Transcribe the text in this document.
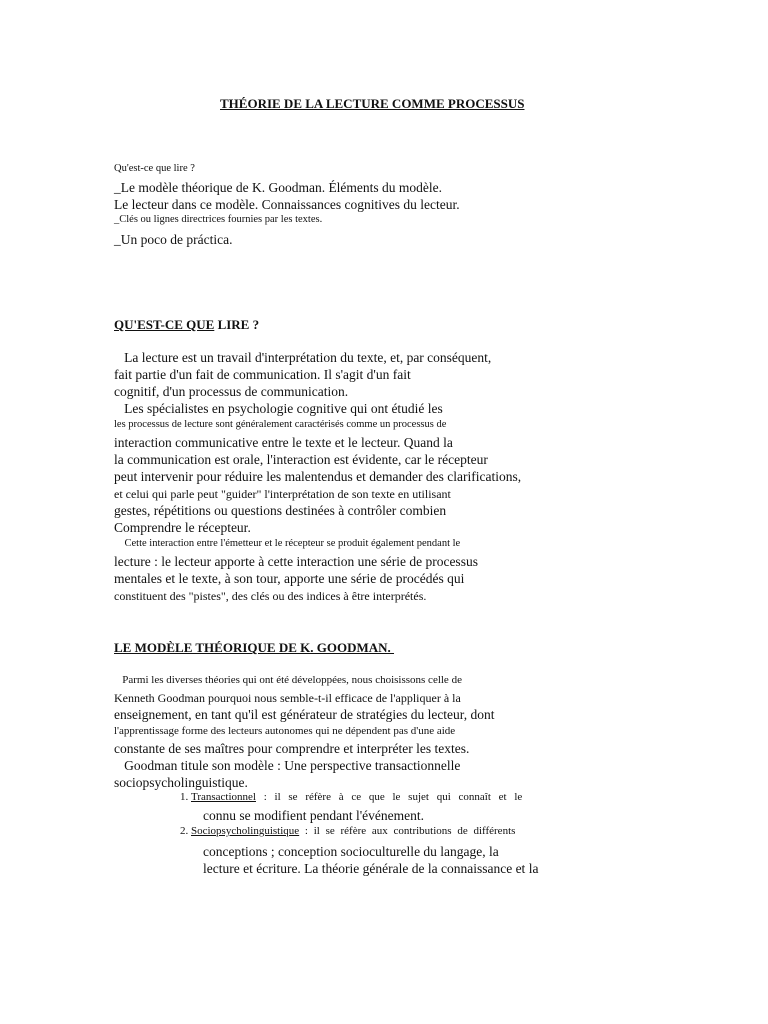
THÉORIE DE LA LECTURE COMME PROCESSUS
Qu'est-ce que lire ?
_Le modèle théorique de K. Goodman. Éléments du modèle.
Le lecteur dans ce modèle. Connaissances cognitives du lecteur.
_Clés ou lignes directrices fournies par les textes.
_Un poco de práctica.
QU'EST-CE QUE LIRE ?
La lecture est un travail d'interprétation du texte, et, par conséquent,
fait partie d'un fait de communication. Il s'agit d'un fait
cognitif, d'un processus de communication.
Les spécialistes en psychologie cognitive qui ont étudié les
les processus de lecture sont généralement caractérisés comme un processus de
interaction communicative entre le texte et le lecteur. Quand la
la communication est orale, l'interaction est évidente, car le récepteur
peut intervenir pour réduire les malentendus et demander des clarifications,
et celui qui parle peut "guider" l'interprétation de son texte en utilisant
gestes, répétitions ou questions destinées à contrôler combien
Comprendre le récepteur.
Cette interaction entre l'émetteur et le récepteur se produit également pendant le
lecture : le lecteur apporte à cette interaction une série de processus
mentales et le texte, à son tour, apporte une série de procédés qui
constituent des "pistes", des clés ou des indices à être interprétés.
LE MODÈLE THÉORIQUE DE K. GOODMAN.
Parmi les diverses théories qui ont été développées, nous choisissons celle de
Kenneth Goodman pourquoi nous semble-t-il efficace de l'appliquer à la
enseignement, en tant qu'il est générateur de stratégies du lecteur, dont
l'apprentissage forme des lecteurs autonomes qui ne dépendent pas d'une aide
constante de ses maîtres pour comprendre et interpréter les textes.
Goodman titule son modèle : Une perspective transactionnelle
sociopsycholinguistique.
1. Transactionnel : il se réfère à ce que le sujet qui connaît et le
connu se modifient pendant l'événement.
2. Sociopsycholinguistique : il se réfère aux contributions de différents
conceptions ; conception socioculturelle du langage, la
lecture et écriture. La théorie générale de la connaissance et la
